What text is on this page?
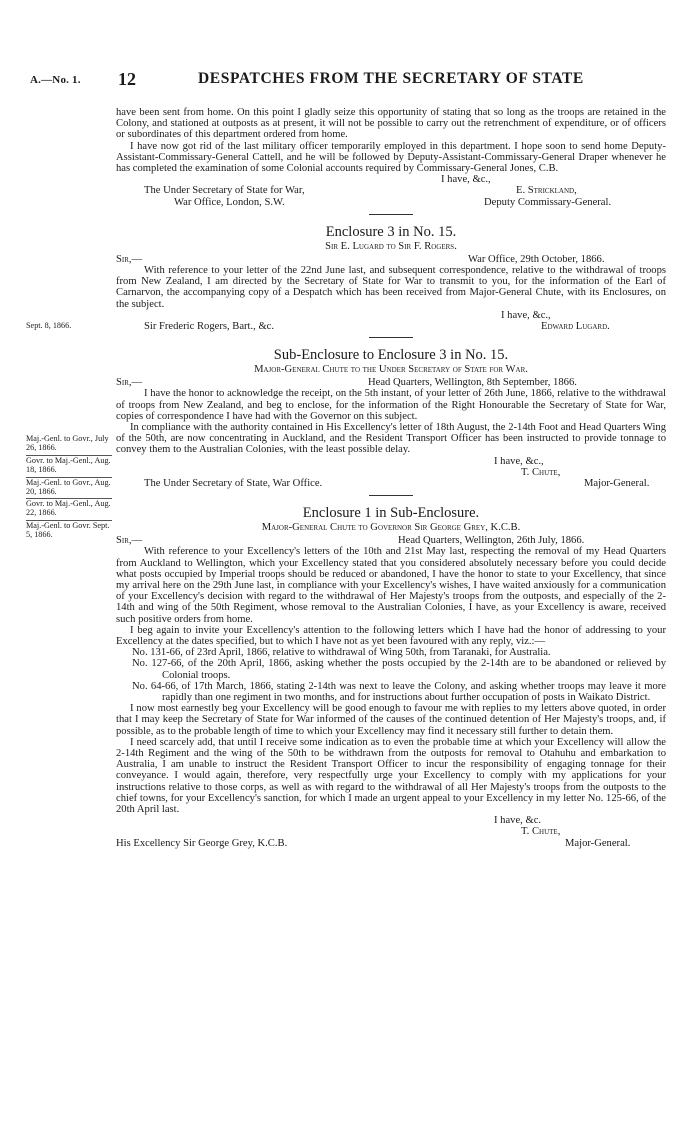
A.—No. 1. 12	DESPATCHES FROM THE SECRETARY OF STATE
Sept. 8, 1866.
Maj.-Genl. to Govr., July 26, 1866.
Govr. to Maj.-Genl., Aug. 18, 1866.
Maj.-Genl. to Govr., Aug. 20, 1866.
Govr. to Maj.-Genl., Aug. 22, 1866.
Maj.-Genl. to Govr. Sept. 5, 1866.

have been sent from home. On this point I gladly seize this opportunity of stating that so long as the troops are retained in the Colony, and stationed at outposts as at present, it will not be possible to carry out the retrenchment of expenditure, or of officers or subordinates of this department ordered from home.

I have now got rid of the last military officer temporarily employed in this department. I hope soon to send home Deputy-Assistant-Commissary-General Cattell, and he will be followed by Deputy-Assistant-Commissary-General Draper whenever he has completed the examination of some Colonial accounts required by Commissary-General Jones, C.B.

I have, &c.,
The Under Secretary of State for War,	E. Strickland,
War Office, London, S.W.	Deputy Commissary-General.
Enclosure 3 in No. 15.
Sir E. Lugard to Sir F. Rogers.
Sir,—	War Office, 29th October, 1866.

With reference to your letter of the 22nd June last, and subsequent correspondence, relative to the withdrawal of troops from New Zealand, I am directed by the Secretary of State for War to transmit to you, for the information of the Earl of Carnarvon, the accompanying copy of a Despatch which has been received from Major-General Chute, with its Enclosures, on the subject.

I have, &c.,
Sir Frederic Rogers, Bart., &c.	Edward Lugard.
Sub-Enclosure to Enclosure 3 in No. 15.
Major-General Chute to the Under Secretary of State for War.
Sir,—	Head Quarters, Wellington, 8th September, 1866.

I have the honor to acknowledge the receipt, on the 5th instant, of your letter of 26th June, 1866, relative to the withdrawal of troops from New Zealand, and beg to enclose, for the information of the Right Honourable the Secretary of State for War, copies of correspondence I have had with the Governor on this subject.

In compliance with the authority contained in His Excellency's letter of 18th August, the 2-14th Foot and Head Quarters Wing of the 50th, are now concentrating in Auckland, and the Resident Transport Officer has been instructed to provide tonnage to convey them to the Australian Colonies, with the least possible delay.

I have, &c.,
T. Chute,
The Under Secretary of State, War Office.	Major-General.
Enclosure 1 in Sub-Enclosure.
Major-General Chute to Governor Sir George Grey, K.C.B.
Sir,—	Head Quarters, Wellington, 26th July, 1866.

With reference to your Excellency's letters of the 10th and 21st May last, respecting the removal of my Head Quarters from Auckland to Wellington, which your Excellency stated that you considered absolutely necessary before you could decide what posts occupied by Imperial troops should be reduced or abandoned, I have the honor to state to your Excellency, that since my arrival here on the 29th June last, in compliance with your Excellency's wishes, I have waited anxiously for a communication of your Excellency's decision with regard to the withdrawal of Her Majesty's troops from the outposts, and especially of the 2-14th and wing of the 50th Regiment, whose removal to the Australian Colonies, I have, as your Excellency is aware, received such positive orders from home.

I beg again to invite your Excellency's attention to the following letters which I have had the honor of addressing to your Excellency at the dates specified, but to which I have not as yet been favoured with any reply, viz.:—

No. 131-66, of 23rd April, 1866, relative to withdrawal of Wing 50th, from Taranaki, for Australia.

No. 127-66, of the 20th April, 1866, asking whether the posts occupied by the 2-14th are to be abandoned or relieved by Colonial troops.

No. 64-66, of 17th March, 1866, stating 2-14th was next to leave the Colony, and asking whether troops may leave it more rapidly than one regiment in two months, and for instructions about further occupation of posts in Waikato District.

I now most earnestly beg your Excellency will be good enough to favour me with replies to my letters above quoted, in order that I may keep the Secretary of State for War informed of the causes of the continued detention of Her Majesty's troops, and, if possible, as to the probable length of time to which your Excellency may find it necessary still further to detain them.

I need scarcely add, that until I receive some indication as to even the probable time at which your Excellency will allow the 2-14th Regiment and the wing of the 50th to be withdrawn from the outposts for removal to Otahuhu and embarkation to Australia, I am unable to instruct the Resident Transport Officer to incur the responsibility of engaging tonnage for their conveyance. I would again, therefore, very respectfully urge your Excellency to comply with my applications for your instructions relative to those corps, as well as with regard to the withdrawal of all Her Majesty's troops from the outposts to the chief towns, for your Excellency's sanction, for which I made an urgent appeal to your Excellency in my letter No. 125-66, of the 20th April last.

I have, &c.
T. Chute,
His Excellency Sir George Grey, K.C.B.	Major-General.
